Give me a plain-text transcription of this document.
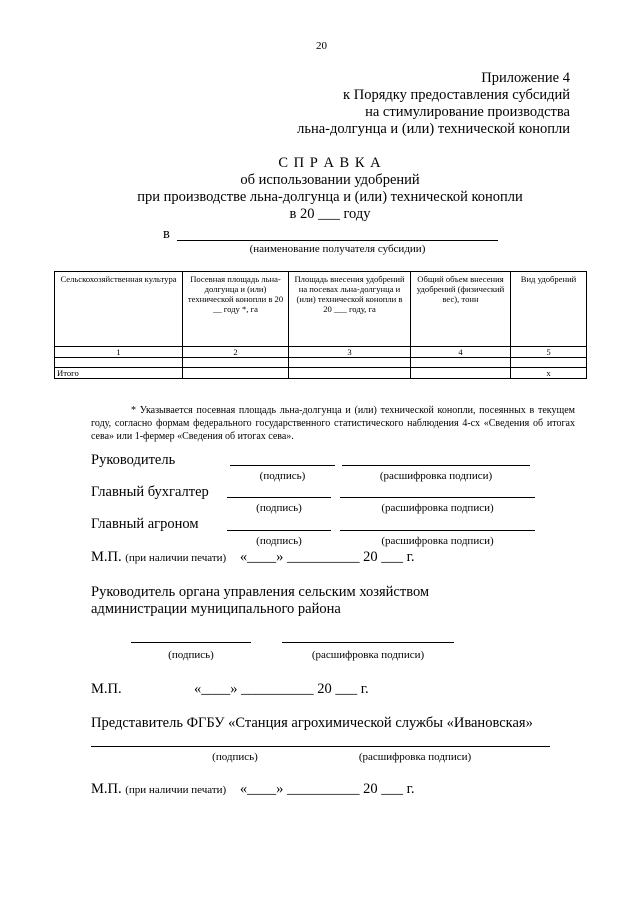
20
Приложение 4
к Порядку предоставления субсидий
на стимулирование производства
льна-долгунца и (или) технической конопли
С П Р А В К А
об использовании удобрений
при производстве льна-долгунца и (или) технической конопли
в 20 ___ году
в
(наименование получателя субсидии)
Сельскохозяйственная культура	Посевная площадь льна-долгунца и (или) технической конопли в 20 __ году *, га	Площадь внесения удобрений на посевах льна-долгунца и (или) технической конопли в 20 ___ году, га	Общий объем внесения удобрений (физический вес), тонн	Вид удобрений
1	2	3	4	5

Итого				х
* Указывается посевная площадь льна-долгунца и (или) технической конопли, посеянных в текущем году, согласно формам федерального государственного статистического наблюдения 4-сх «Сведения об итогах сева» или 1-фермер «Сведения об итогах сева».
Руководитель
(подпись)	(расшифровка подписи)
Главный бухгалтер
(подпись)	(расшифровка подписи)
Главный агроном
(подпись)	(расшифровка подписи)
М.П. (при наличии печати) «____» __________ 20 ___ г.
Руководитель органа управления сельским хозяйством
администрации муниципального района
(подпись)	(расшифровка подписи)
М.П.	«____» __________ 20 ___ г.
Представитель ФГБУ «Станция агрохимической службы «Ивановская»
(подпись)	(расшифровка подписи)
М.П. (при наличии печати) «____» __________ 20 ___ г.
